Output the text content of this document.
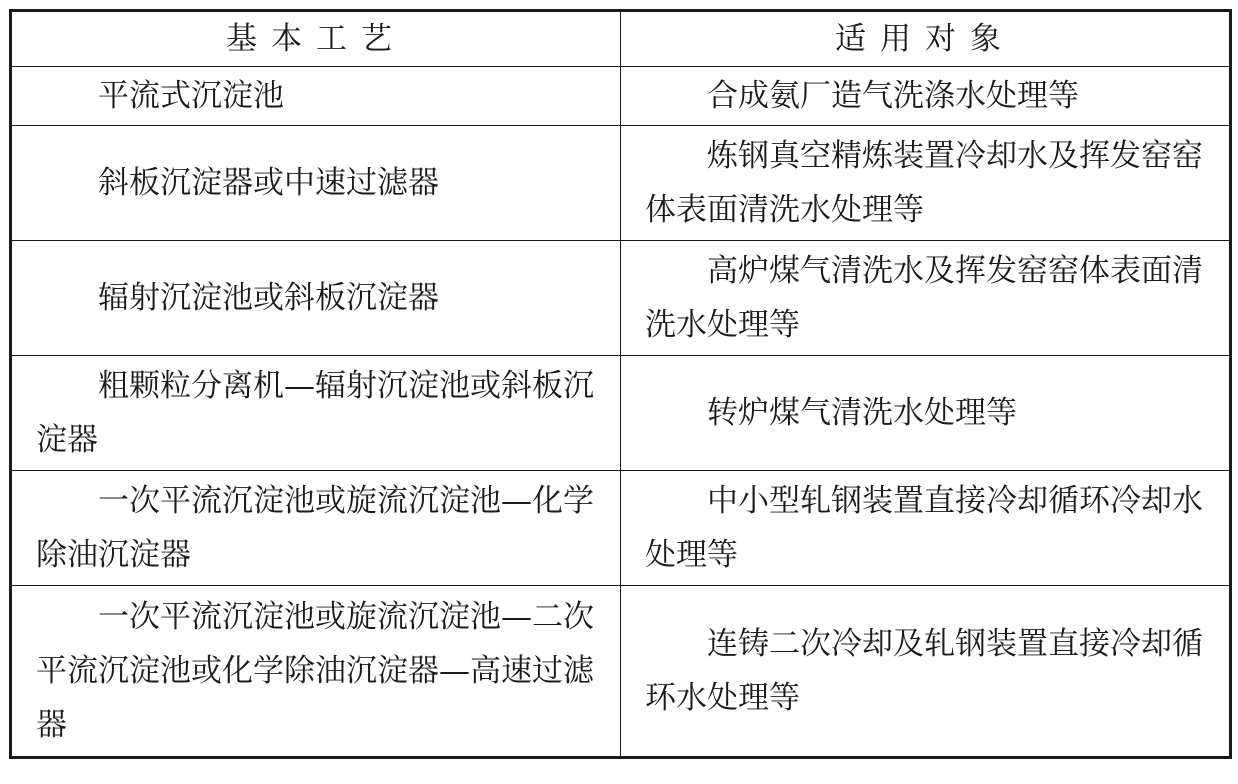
基本工艺	适用对象

平流式沉淀池	合成氨厂造气洗涤水处理等

斜板沉淀器或中速过滤器	炼钢真空精炼装置冷却水及挥发窑窑体表面清洗水处理等

辐射沉淀池或斜板沉淀器	高炉煤气清洗水及挥发窑窑体表面清洗水处理等

粗颗粒分离机—辐射沉淀池或斜板沉淀器	转炉煤气清洗水处理等

一次平流沉淀池或旋流沉淀池—化学除油沉淀器	中小型轧钢装置直接冷却循环冷却水处理等

一次平流沉淀池或旋流沉淀池—二次平流沉淀池或化学除油沉淀器—高速过滤器	连铸二次冷却及轧钢装置直接冷却循环水处理等
